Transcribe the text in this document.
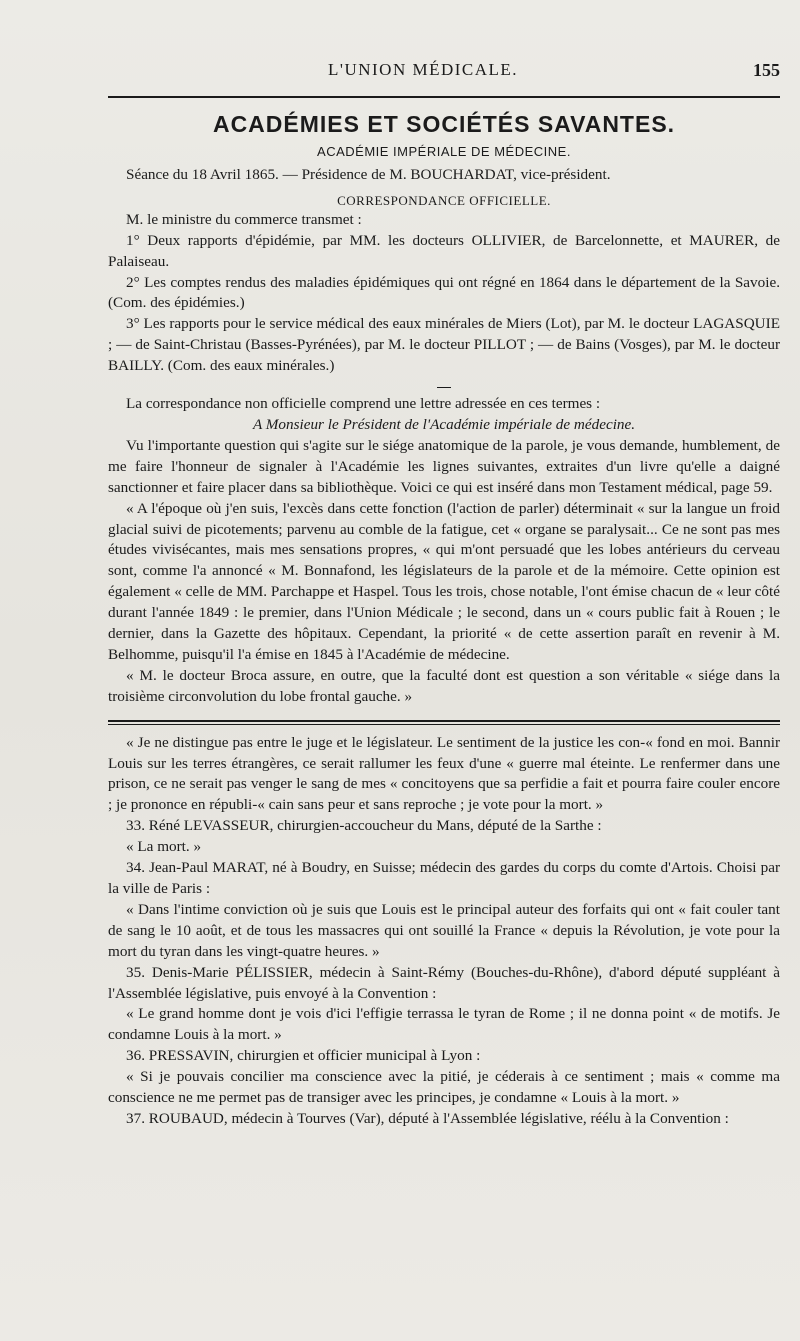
L'UNION MÉDICALE.	155
ACADÉMIES ET SOCIÉTÉS SAVANTES.
ACADÉMIE IMPÉRIALE DE MÉDECINE.

Séance du 18 Avril 1865. — Présidence de M. BOUCHARDAT, vice-président.

CORRESPONDANCE OFFICIELLE.

M. le ministre du commerce transmet :

1° Deux rapports d'épidémie, par MM. les docteurs OLLIVIER, de Barcelonnette, et MAURER, de Palaiseau.

2° Les comptes rendus des maladies épidémiques qui ont régné en 1864 dans le département de la Savoie. (Com. des épidémies.)

3° Les rapports pour le service médical des eaux minérales de Miers (Lot), par M. le docteur LAGASQUIE ; — de Saint-Christau (Basses-Pyrénées), par M. le docteur PILLOT ; — de Bains (Vosges), par M. le docteur BAILLY. (Com. des eaux minérales.)

La correspondance non officielle comprend une lettre adressée en ces termes :

A Monsieur le Président de l'Académie impériale de médecine.

Vu l'importante question qui s'agite sur le siége anatomique de la parole, je vous demande, humblement, de me faire l'honneur de signaler à l'Académie les lignes suivantes, extraites d'un livre qu'elle a daigné sanctionner et faire placer dans sa bibliothèque. Voici ce qui est inséré dans mon Testament médical, page 59.

« A l'époque où j'en suis, l'excès dans cette fonction (l'action de parler) déterminait « sur la langue un froid glacial suivi de picotements; parvenu au comble de la fatigue, cet « organe se paralysait... Ce ne sont pas mes études vivisécantes, mais mes sensations propres, « qui m'ont persuadé que les lobes antérieurs du cerveau sont, comme l'a annoncé « M. Bonnafond, les législateurs de la parole et de la mémoire. Cette opinion est également « celle de MM. Parchappe et Haspel. Tous les trois, chose notable, l'ont émise chacun de « leur côté durant l'année 1849 : le premier, dans l'Union Médicale ; le second, dans un « cours public fait à Rouen ; le dernier, dans la Gazette des hôpitaux. Cependant, la priorité « de cette assertion paraît en revenir à M. Belhomme, puisqu'il l'a émise en 1845 à l'Académie de médecine.

« M. le docteur Broca assure, en outre, que la faculté dont est question a son véritable « siége dans la troisième circonvolution du lobe frontal gauche. »

« Je ne distingue pas entre le juge et le législateur. Le sentiment de la justice les con-« fond en moi. Bannir Louis sur les terres étrangères, ce serait rallumer les feux d'une « guerre mal éteinte. Le renfermer dans une prison, ce ne serait pas venger le sang de mes « concitoyens que sa perfidie a fait et pourra faire couler encore ; je prononce en républi-« cain sans peur et sans reproche ; je vote pour la mort. »

33. Réné LEVASSEUR, chirurgien-accoucheur du Mans, député de la Sarthe :

« La mort. »

34. Jean-Paul MARAT, né à Boudry, en Suisse; médecin des gardes du corps du comte d'Artois. Choisi par la ville de Paris :

« Dans l'intime conviction où je suis que Louis est le principal auteur des forfaits qui ont « fait couler tant de sang le 10 août, et de tous les massacres qui ont souillé la France « depuis la Révolution, je vote pour la mort du tyran dans les vingt-quatre heures. »

35. Denis-Marie PÉLISSIER, médecin à Saint-Rémy (Bouches-du-Rhône), d'abord député suppléant à l'Assemblée législative, puis envoyé à la Convention :

« Le grand homme dont je vois d'ici l'effigie terrassa le tyran de Rome ; il ne donna point « de motifs. Je condamne Louis à la mort. »

36. PRESSAVIN, chirurgien et officier municipal à Lyon :

« Si je pouvais concilier ma conscience avec la pitié, je céderais à ce sentiment ; mais « comme ma conscience ne me permet pas de transiger avec les principes, je condamne « Louis à la mort. »

37. ROUBAUD, médecin à Tourves (Var), député à l'Assemblée législative, réélu à la Convention :
